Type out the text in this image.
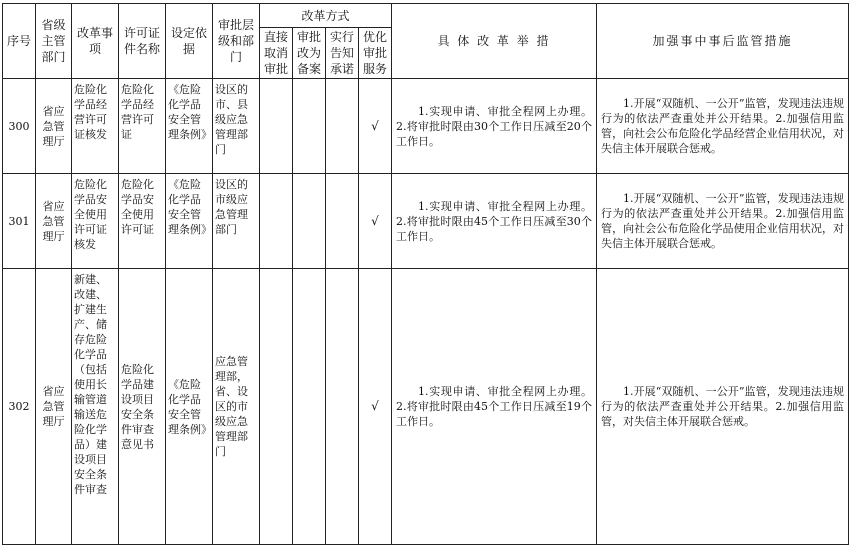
序号	省级主管部门	改革事项	许可证件名称	设定依据	审批层级和部门	改革方式				具 体 改 革 举 措	加强事中事后监管措施
						直接取消审批	审批改为备案	实行告知承诺	优化审批服务		
300	省应急管理厅	危险化学品经营许可证核发	危险化学品经营许可证	《危险化学品安全管理条例》	设区的市、县级应急管理部门				√	1.实现申请、审批全程网上办理。2.将审批时限由30个工作日压减至20个工作日。	1.开展“双随机、一公开”监管，发现违法违规行为的依法严查重处并公开结果。2.加强信用监管，向社会公布危险化学品经营企业信用状况，对失信主体开展联合惩戒。

301	省应急管理厅	危险化学品安全使用许可证核发	危险化学品安全使用许可证	《危险化学品安全管理条例》	设区的市级应急管理部门				√	1.实现申请、审批全程网上办理。2.将审批时限由45个工作日压减至30个工作日。	1.开展“双随机、一公开”监管，发现违法违规行为的依法严查重处并公开结果。2.加强信用监管，向社会公布危险化学品使用企业信用状况，对失信主体开展联合惩戒。

302	省应急管理厅	新建、改建、扩建生产、储存危险化学品（包括使用长输管道输送危险化学品）建设项目安全条件审查	危险化学品建设项目安全条件审查意见书	《危险化学品安全管理条例》	应急管理部，省、设区的市级应急管理部门				√	1.实现申请、审批全程网上办理。2.将审批时限由45个工作日压减至19个工作日。	1.开展“双随机、一公开”监管，发现违法违规行为的依法严查重处并公开结果。2.加强信用监管，对失信主体开展联合惩戒。
